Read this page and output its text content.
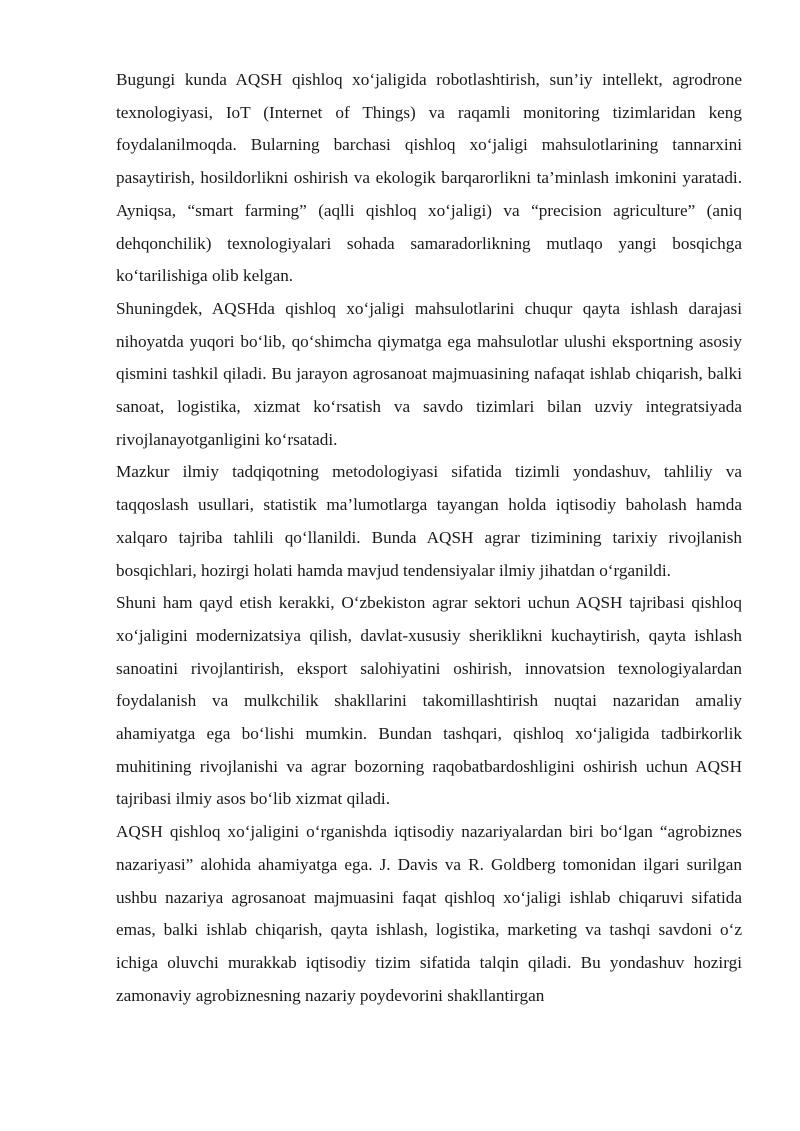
Bugungi kunda AQSH qishloq xo‘jaligida robotlashtirish, sun’iy intellekt, agrodrone texnologiyasi, IoT (Internet of Things) va raqamli monitoring tizimlaridan keng foydalanilmoqda. Bularning barchasi qishloq xo‘jaligi mahsulotlarining tannarxini pasaytirish, hosildorlikni oshirish va ekologik barqarorlikni ta’minlash imkonini yaratadi. Ayniqsa, “smart farming” (aqlli qishloq xo‘jaligi) va “precision agriculture” (aniq dehqonchilik) texnologiyalari sohada samaradorlikning mutlaqo yangi bosqichga ko‘tarilishiga olib kelgan.

Shuningdek, AQSHda qishloq xo‘jaligi mahsulotlarini chuqur qayta ishlash darajasi nihoyatda yuqori bo‘lib, qo‘shimcha qiymatga ega mahsulotlar ulushi eksportning asosiy qismini tashkil qiladi. Bu jarayon agrosanoat majmuasining nafaqat ishlab chiqarish, balki sanoat, logistika, xizmat ko‘rsatish va savdo tizimlari bilan uzviy integratsiyada rivojlanayotganligini ko‘rsatadi.

Mazkur ilmiy tadqiqotning metodologiyasi sifatida tizimli yondashuv, tahliliy va taqqoslash usullari, statistik ma’lumotlarga tayangan holda iqtisodiy baholash hamda xalqaro tajriba tahlili qo‘llanildi. Bunda AQSH agrar tizimining tarixiy rivojlanish bosqichlari, hozirgi holati hamda mavjud tendensiyalar ilmiy jihatdan o‘rganildi.

Shuni ham qayd etish kerakki, O‘zbekiston agrar sektori uchun AQSH tajribasi qishloq xo‘jaligini modernizatsiya qilish, davlat-xususiy sheriklikni kuchaytirish, qayta ishlash sanoatini rivojlantirish, eksport salohiyatini oshirish, innovatsion texnologiyalardan foydalanish va mulkchilik shakllarini takomillashtirish nuqtai nazaridan amaliy ahamiyatga ega bo‘lishi mumkin. Bundan tashqari, qishloq xo‘jaligida tadbirkorlik muhitining rivojlanishi va agrar bozorning raqobatbardoshligini oshirish uchun AQSH tajribasi ilmiy asos bo‘lib xizmat qiladi.

AQSH qishloq xo‘jaligini o‘rganishda iqtisodiy nazariyalardan biri bo‘lgan “agrobiznes nazariyasi” alohida ahamiyatga ega. J. Davis va R. Goldberg tomonidan ilgari surilgan ushbu nazariya agrosanoat majmuasini faqat qishloq xo‘jaligi ishlab chiqaruvi sifatida emas, balki ishlab chiqarish, qayta ishlash, logistika, marketing va tashqi savdoni o‘z ichiga oluvchi murakkab iqtisodiy tizim sifatida talqin qiladi. Bu yondashuv hozirgi zamonaviy agrobiznesning nazariy poydevorini shakllantirgan
